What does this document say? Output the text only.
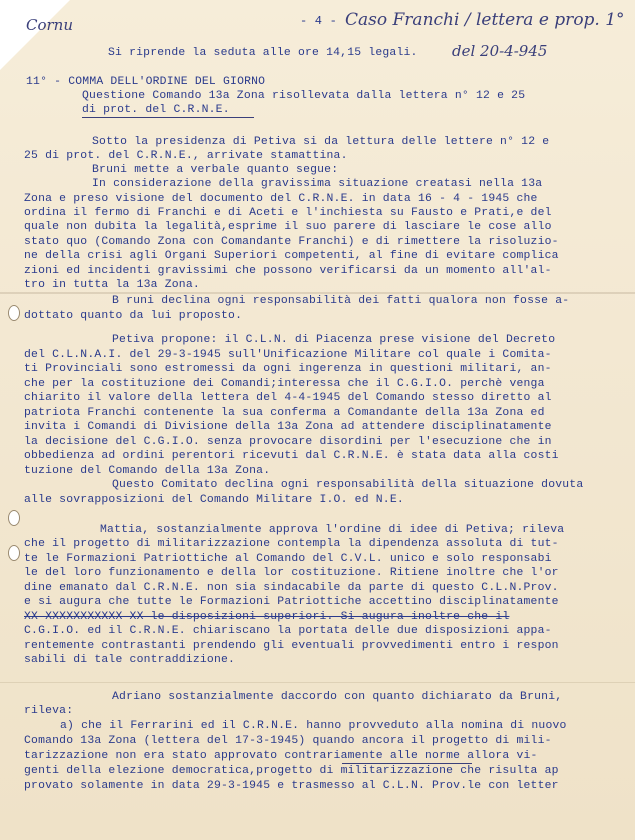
Cornu	- 4 - Caso Franchi / lettera e prop. 1°
del 20-4-945
Si riprende la seduta alle ore 14,15 legali.
11° - COMMA DELL'ORDINE DEL GIORNO
Questione Comando 13a Zona risollevata dalla lettera n° 12 e 25
di prot. del C.R.N.E.
Sotto la presidenza di Petiva si da lettura delle lettere n° 12 e
25 di prot. del C.R.N.E., arrivate stamattina.
Bruni mette a verbale quanto segue:
In considerazione della gravissima situazione creatasi nella 13a
Zona e preso visione del documento del C.R.N.E. in data 16 - 4 - 1945 che
ordina il fermo di Franchi e di Aceti e l'inchiesta su Fausto e Prati,e del
quale non dubita la legalità,esprime il suo parere di lasciare le cose allo
stato quo (Comando Zona con Comandante Franchi) e di rimettere la risoluzio-
ne della crisi agli Organi Superiori competenti, al fine di evitare complica
zioni ed incidenti gravissimi che possono verificarsi da un momento all'al-
tro in tutta la 13a Zona.
B runi declina ogni responsabilità dei fatti qualora non fosse a-
dottato quanto da lui proposto.
Petiva propone: il C.L.N. di Piacenza prese visione del Decreto
del C.L.N.A.I. del 29-3-1945 sull'Unificazione Militare col quale i Comita-
ti Provinciali sono estromessi da ogni ingerenza in questioni militari, an-
che per la costituzione dei Comandi;interessa che il C.G.I.O. perchè venga
chiarito il valore della lettera del 4-4-1945 del Comando stesso diretto al
patriota Franchi contenente la sua conferma a Comandante della 13a Zona ed
invita i Comandi di Divisione della 13a Zona ad attendere disciplinatamente
la decisione del C.G.I.O. senza provocare disordini per l'esecuzione che in
obbedienza ad ordini perentori ricevuti dal C.R.N.E. è stata data alla costi
tuzione del Comando della 13a Zona.
Questo Comitato declina ogni responsabilità della situazione dovuta
alle sovrapposizioni del Comando Militare I.O. ed N.E.
Mattia, sostanzialmente approva l'ordine di idee di Petiva; rileva
che il progetto di militarizzazione contempla la dipendenza assoluta di tut-
te le Formazioni Patriottiche al Comando del C.V.L. unico e solo responsabi
le del loro funzionamento e della lor costituzione. Ritiene inoltre che l'or
dine emanato dal C.R.N.E. non sia sindacabile da parte di questo C.L.N.Prov.
e si augura che tutte le Formazioni Patriottiche accettino disciplinatamente
XX XXXXXXXXXXX XX le disposizioni superiori. Si augura inoltre che il
C.G.I.O. ed il C.R.N.E. chiariscano la portata delle due disposizioni appa-
rentemente contrastanti prendendo gli eventuali provvedimenti entro i respon
sabili di tale contraddizione.
Adriano sostanzialmente daccordo con quanto dichiarato da Bruni,
rileva:
a) che il Ferrarini ed il C.R.N.E. hanno provveduto alla nomina di nuovo
Comando 13a Zona (lettera del 17-3-1945) quando ancora il progetto di mili-
tarizzazione non era stato approvato contrariamente alle norme allora vi-
genti della elezione democratica,progetto di militarizzazione che risulta ap
provato solamente in data 29-3-1945 e trasmesso al C.L.N. Prov.le con letter
